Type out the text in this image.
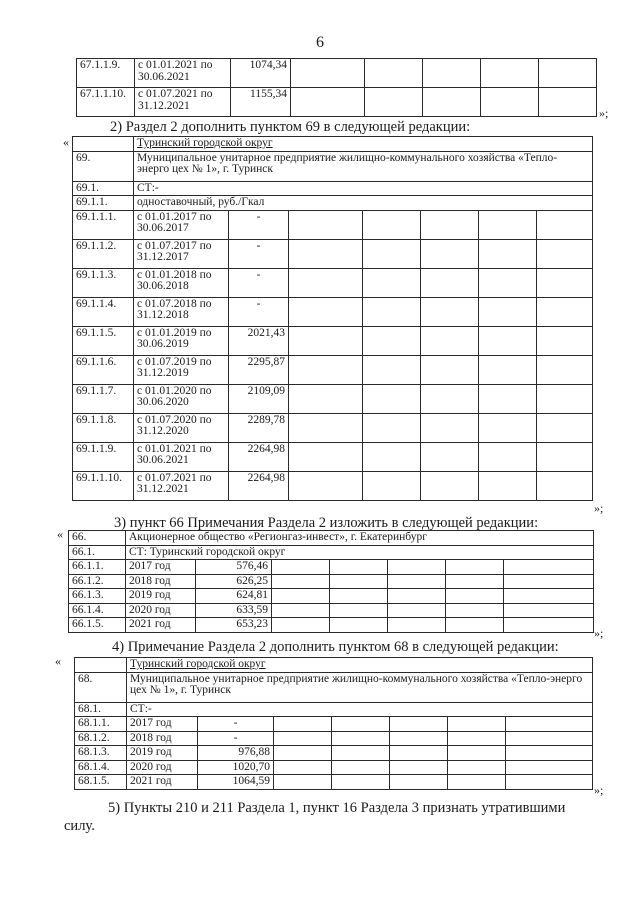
6
67.1.1.9.	с 01.01.2021 по 30.06.2021	1074,34					
67.1.1.10.	с 01.07.2021 по 31.12.2021	1155,34					
»;
2) Раздел 2 дополнить пунктом 69 в следующей редакции:
«
		Туринский городской округ						
69.	Муниципальное унитарное предприятие жилищно-коммунального хозяйства «Тепло-энерго цех № 1», г. Туринск						
69.1.	СТ:-						
69.1.1.	одноставочный, руб./Гкал						
69.1.1.1.	с 01.01.2017 по 30.06.2017	-					
69.1.1.2.	с 01.07.2017 по 31.12.2017	-					
69.1.1.3.	с 01.01.2018 по 30.06.2018	-					
69.1.1.4.	с 01.07.2018 по 31.12.2018	-					
69.1.1.5.	с 01.01.2019 по 30.06.2019	2021,43					
69.1.1.6.	с 01.07.2019 по 31.12.2019	2295,87					
69.1.1.7.	с 01.01.2020 по 30.06.2020	2109,09					
69.1.1.8.	с 01.07.2020 по 31.12.2020	2289,78					
69.1.1.9.	с 01.01.2021 по 30.06.2021	2264,98					
69.1.1.10.	с 01.07.2021 по 31.12.2021	2264,98					
»;
3) пункт 66 Примечания Раздела 2 изложить в следующей редакции:
« 66.	Акционерное общество «Регионгаз-инвест», г. Екатеринбург						
66.1.	СТ: Туринский городской округ						
66.1.1.	2017 год	576,46					
66.1.2.	2018 год	626,25					
66.1.3.	2019 год	624,81					
66.1.4.	2020 год	633,59					
66.1.5.	2021 год	653,23					
»;
4) Примечание Раздела 2 дополнить пунктом 68 в следующей редакции:
«
		Туринский городской округ						
68.	Муниципальное унитарное предприятие жилищно-коммунального хозяйства «Тепло-энерго цех № 1», г. Туринск						
68.1.	СТ:-						
68.1.1.	2017 год	-					
68.1.2.	2018 год	-					
68.1.3.	2019 год	976,88					
68.1.4.	2020 год	1020,70					
68.1.5.	2021 год	1064,59					
»;
5) Пункты 210 и 211 Раздела 1, пункт 16 Раздела 3 признать утратившими
силу.
